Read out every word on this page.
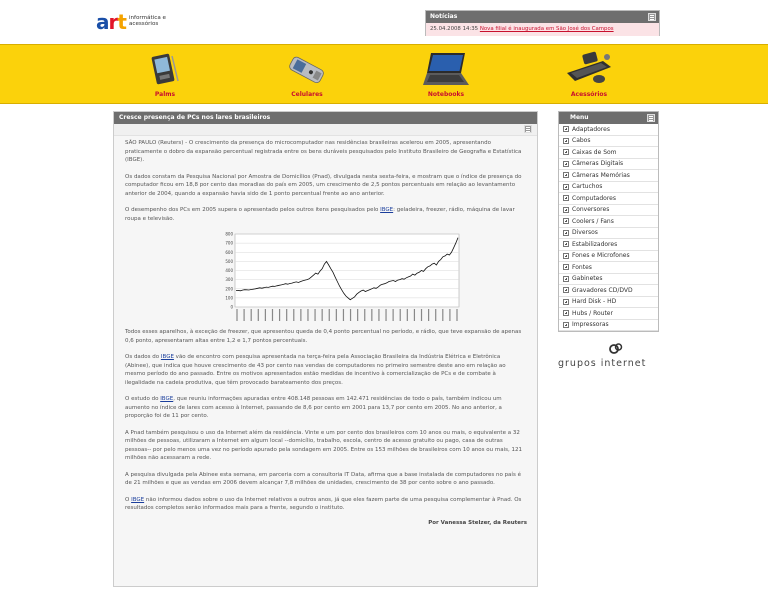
art informática e
acessórios
Notícias
25.04.2008 14:35 Nova filial é inaugurada em São José dos Campos
Palms	Celulares	Notebooks	Acessórios
Cresce presença de PCs nos lares brasileiros

SÃO PAULO (Reuters) - O crescimento da presença do microcomputador nas residências brasileiras acelerou em 2005, apresentando praticamente o dobro da expansão percentual registrada entre os bens duráveis pesquisados pelo Instituto Brasileiro de Geografia e Estatística (IBGE).

Os dados constam da Pesquisa Nacional por Amostra de Domicílios (Pnad), divulgada nesta sexta-feira, e mostram que o índice de presença do computador ficou em 18,8 por cento das moradias do país em 2005, um crescimento de 2,5 pontos percentuais em relação ao levantamento anterior de 2004, quando a expansão havia sido de 1 ponto percentual frente ao ano anterior.

O desempenho dos PCs em 2005 supera o apresentado pelos outros itens pesquisados pelo IBGE: geladeira, freezer, rádio, máquina de lavar roupa e televisão.

0
100
200
300
400
500
600
700
800

Todos esses aparelhos, à exceção de freezer, que apresentou queda de 0,4 ponto percentual no período, e rádio, que teve expansão de apenas 0,6 ponto, apresentaram altas entre 1,2 e 1,7 pontos percentuais.

Os dados do IBGE vão de encontro com pesquisa apresentada na terça-feira pela Associação Brasileira da Indústria Elétrica e Eletrônica (Abinee), que indica que houve crescimento de 43 por cento nas vendas de computadores no primeiro semestre deste ano em relação ao mesmo período do ano passado. Entre os motivos apresentados estão medidas de incentivo à comercialização de PCs e de combate à ilegalidade na cadeia produtiva, que têm provocado barateamento dos preços.

O estudo do IBGE, que reuniu informações apuradas entre 408.148 pessoas em 142.471 residências de todo o país, também indicou um aumento no índice de lares com acesso à Internet, passando de 8,6 por cento em 2001 para 13,7 por cento em 2005. No ano anterior, a proporção foi de 11 por cento.

A Pnad também pesquisou o uso da Internet além da residência. Vinte e um por cento dos brasileiros com 10 anos ou mais, o equivalente a 32 milhões de pessoas, utilizaram a Internet em algum local --domicílio, trabalho, escola, centro de acesso gratuito ou pago, casa de outras pessoas-- por pelo menos uma vez no período apurado pela sondagem em 2005. Entre os 153 milhões de brasileiros com 10 anos ou mais, 121 milhões não acessaram a rede.

A pesquisa divulgada pela Abinee esta semana, em parceria com a consultoria IT Data, afirma que a base instalada de computadores no país é de 21 milhões e que as vendas em 2006 devem alcançar 7,8 milhões de unidades, crescimento de 38 por cento sobre o ano passado.

O IBGE não informou dados sobre o uso da Internet relativos a outros anos, já que eles fazem parte de uma pesquisa complementar à Pnad. Os resultados completos serão informados mais para a frente, segundo o instituto.

Por Vanessa Stelzer, da Reuters
Menu
Adaptadores
Cabos
Caixas de Som
Câmeras Digitais
Câmeras Memórias
Cartuchos
Computadores
Conversores
Coolers / Fans
Diversos
Estabilizadores
Fones e Microfones
Fontes
Gabinetes
Gravadores CD/DVD
Hard Disk - HD
Hubs / Router
Impressoras
grupos internet
